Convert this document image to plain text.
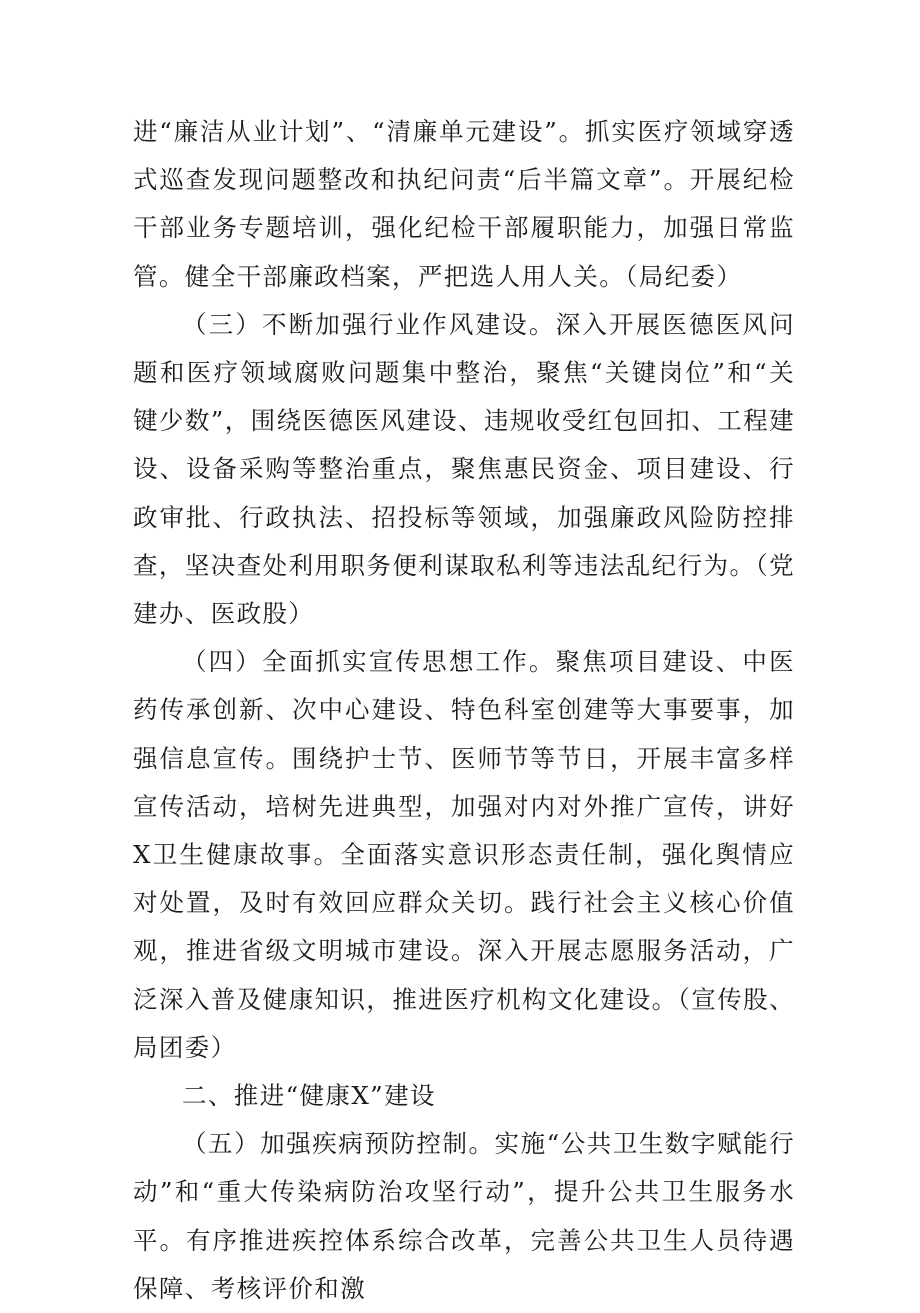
进“廉洁从业计划”、“清廉单元建设”。抓实医疗领域穿透式巡查发现问题整改和执纪问责“后半篇文章”。开展纪检干部业务专题培训，强化纪检干部履职能力，加强日常监管。健全干部廉政档案，严把选人用人关。（局纪委）

（三）不断加强行业作风建设。深入开展医德医风问题和医疗领域腐败问题集中整治，聚焦“关键岗位”和“关键少数”，围绕医德医风建设、违规收受红包回扣、工程建设、设备采购等整治重点，聚焦惠民资金、项目建设、行政审批、行政执法、招投标等领域，加强廉政风险防控排查，坚决查处利用职务便利谋取私利等违法乱纪行为。（党建办、医政股）

（四）全面抓实宣传思想工作。聚焦项目建设、中医药传承创新、次中心建设、特色科室创建等大事要事，加强信息宣传。围绕护士节、医师节等节日，开展丰富多样宣传活动，培树先进典型，加强对内对外推广宣传，讲好X卫生健康故事。全面落实意识形态责任制，强化舆情应对处置，及时有效回应群众关切。践行社会主义核心价值观，推进省级文明城市建设。深入开展志愿服务活动，广泛深入普及健康知识，推进医疗机构文化建设。（宣传股、局团委）

二、推进“健康X”建设

（五）加强疾病预防控制。实施“公共卫生数字赋能行动”和“重大传染病防治攻坚行动”，提升公共卫生服务水平。有序推进疾控体系综合改革，完善公共卫生人员待遇保障、考核评价和激
